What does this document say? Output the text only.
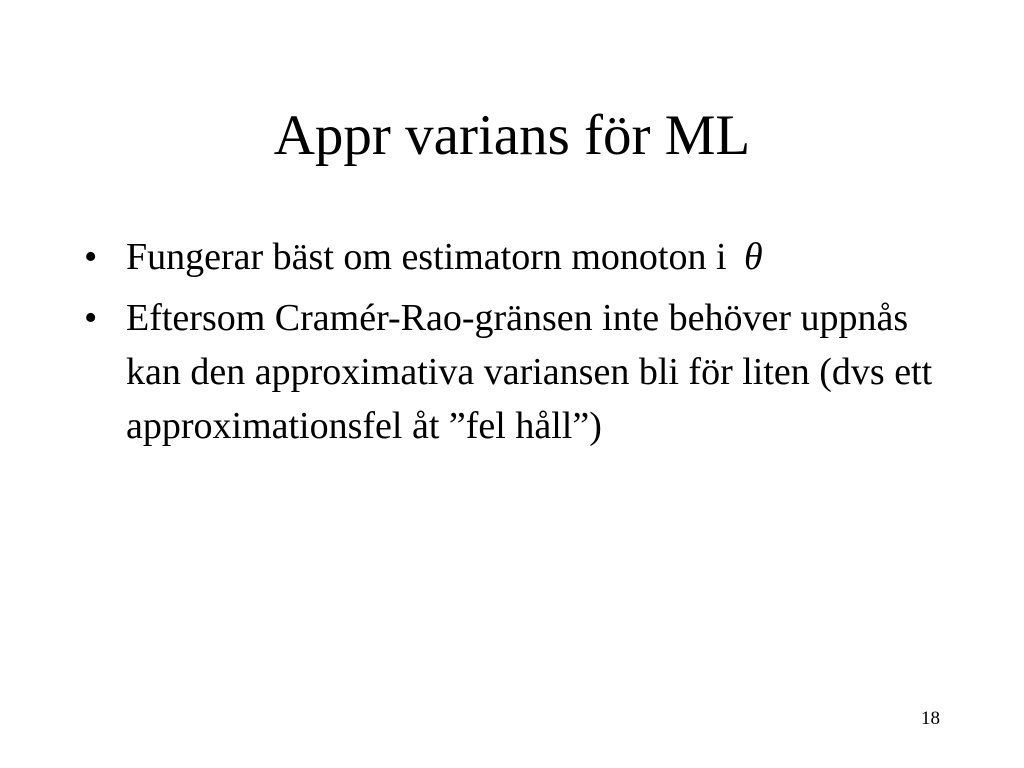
Appr varians för ML
• Fungerar bäst om estimatorn monoton i θ
• Eftersom Cramér-Rao-gränsen inte behöver uppnås kan den approximativa variansen bli för liten (dvs ett approximationsfel åt ”fel håll”)
18
